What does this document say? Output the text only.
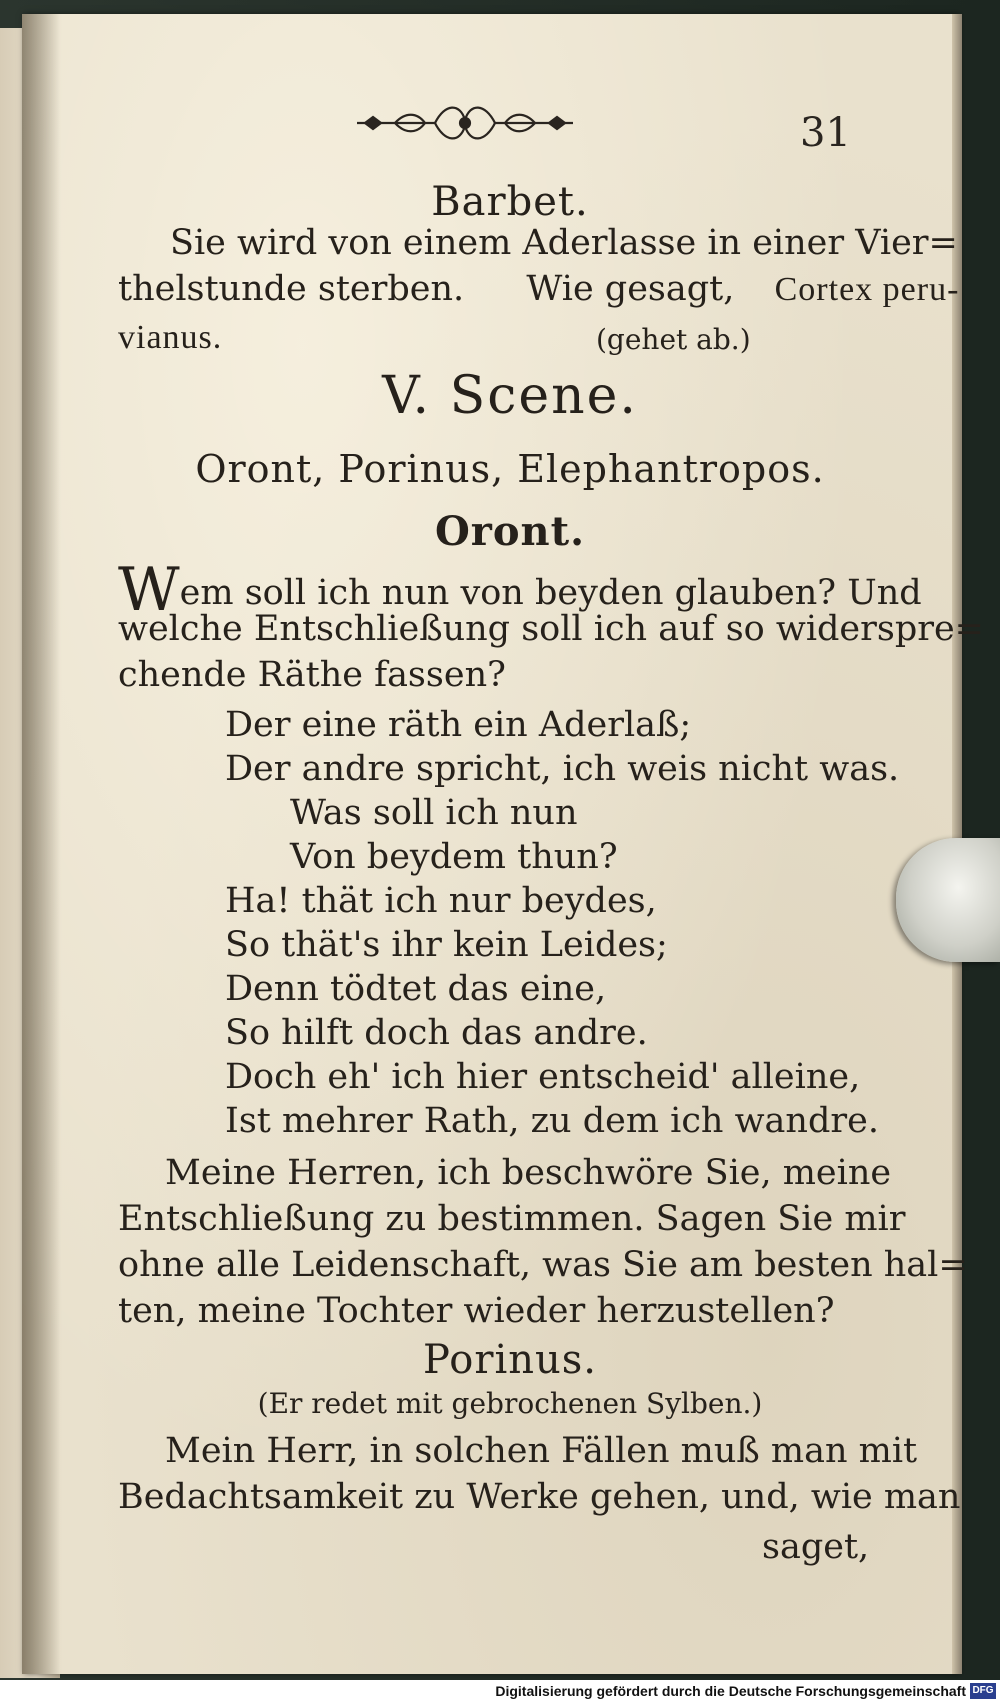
31
Barbet.
Sie wird von einem Aderlasse in einer Vier=
thelstunde sterben. Wie gesagt, Cortex peru-
vianus.	(gehet ab.)
V. Scene.
Oront, Porinus, Elephantropos.
Oront.
Wem soll ich nun von beyden glauben? Und
welche Entschließung soll ich auf so widerspre=
chende Räthe fassen?
Der eine räth ein Aderlaß;
Der andre spricht, ich weis nicht was.
Was soll ich nun
Von beydem thun?
Ha! thät ich nur beydes,
So thät's ihr kein Leides;
Denn tödtet das eine,
So hilft doch das andre.
Doch eh' ich hier entscheid' alleine,
Ist mehrer Rath, zu dem ich wandre.
Meine Herren, ich beschwöre Sie, meine
Entschließung zu bestimmen. Sagen Sie mir
ohne alle Leidenschaft, was Sie am besten hal=
ten, meine Tochter wieder herzustellen?
Porinus.
(Er redet mit gebrochenen Sylben.)
Mein Herr, in solchen Fällen muß man mit
Bedachtsamkeit zu Werke gehen, und, wie man
saget,
Digitalisierung gefördert durch die Deutsche Forschungsgemeinschaft DFG
